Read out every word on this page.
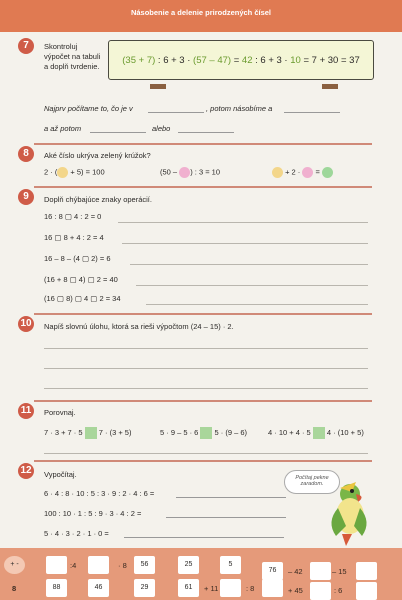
Násobenie a delenie prirodzených čísel
7	Skontroluj výpočet na tabuli a doplň tvrdenie.
(35 + 7) : 6 + 3 · (57 – 47) = 42 : 6 + 3 · 10 = 7 + 30 = 37
Najprv počítame to, čo je v	, potom násobíme a
a až potom	alebo
8	Aké číslo ukrýva zelený krúžok?
2 · ( + 5) = 100	(50 – ) : 3 = 10	+ 2 · =
9	Doplň chýbajúce znaky operácií.
16 : 8 ▢ 4 : 2 = 0
16 ▢ 8 + 4 : 2 = 4
16 – 8 – (4 ▢ 2) = 6
(16 + 8 ▢ 4) ▢ 2 = 40
(16 ▢ 8) ▢ 4 ▢ 2 = 34
10	Napíš slovnú úlohu, ktorá sa rieši výpočtom (24 – 15) · 2.
11	Porovnaj.
7 · 3 + 7 · 5 7 · (3 + 5)	5 · 9 – 5 · 6 5 · (9 – 6)	4 · 10 + 4 · 5 4 · (10 + 5)
12	Vypočítaj.
6 · 4 : 8 · 10 : 5 : 3 · 9 : 2 · 4 : 6 =
100 : 10 · 1 : 5 : 9 · 3 · 4 : 2 =
5 · 4 · 3 · 2 · 1 · 0 =
Počítaj pekne zaradom.
+ -	:4	· 8	56	25	5
76	– 42	– 15
8	88	46	29	61	+ 11	: 8	+ 45	: 6
